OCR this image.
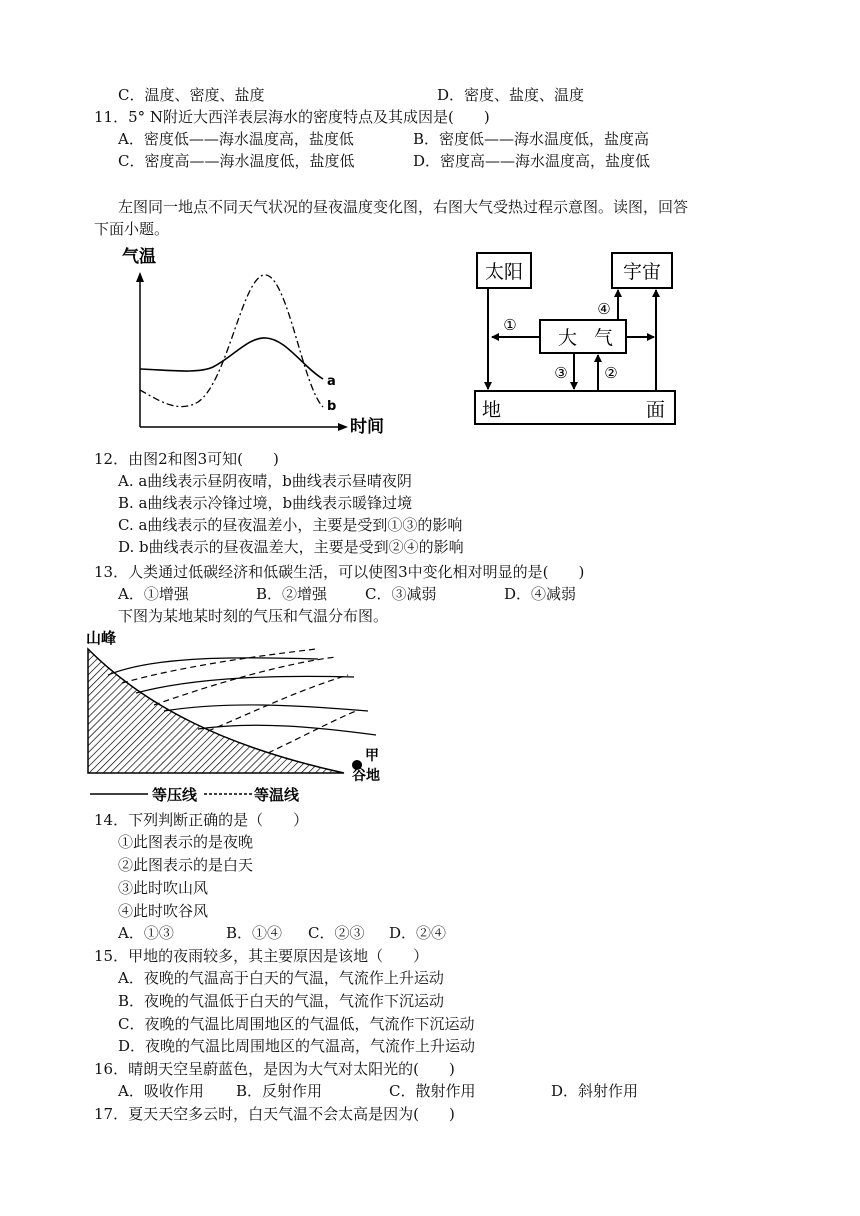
C．温度、密度、盐度	D．密度、盐度、温度
11．5° N附近大西洋表层海水的密度特点及其成因是(　　)
A．密度低——海水温度高，盐度低	B．密度低——海水温度低，盐度高
C．密度高——海水温度低，盐度低	D．密度高——海水温度高，盐度低
左图同一地点不同天气状况的昼夜温度变化图，右图大气受热过程示意图。读图，回答
下面小题。
气温
时间
a
b
太阳	宇宙
大 气
地	面
①
②
③
④
12．由图2和图3可知(　　)
A. a曲线表示昼阴夜晴，b曲线表示昼晴夜阴
B. a曲线表示冷锋过境，b曲线表示暖锋过境
C. a曲线表示的昼夜温差小，主要是受到①③的影响
D. b曲线表示的昼夜温差大，主要是受到②④的影响
13．人类通过低碳经济和低碳生活，可以使图3中变化相对明显的是(　　)
A．①增强	B．②增强	C．③减弱	D．④减弱
下图为某地某时刻的气压和气温分布图。
山峰
甲
谷地
等压线	等温线
14．下列判断正确的是（　　）
①此图表示的是夜晚
②此图表示的是白天
③此时吹山风
④此时吹谷风
A．①③	B．①④ C．②③ D．②④
15．甲地的夜雨较多，其主要原因是该地（　　）
A．夜晚的气温高于白天的气温，气流作上升运动
B．夜晚的气温低于白天的气温，气流作下沉运动
C．夜晚的气温比周围地区的气温低，气流作下沉运动
D．夜晚的气温比周围地区的气温高，气流作上升运动
16．晴朗天空呈蔚蓝色，是因为大气对太阳光的(　　)
A．吸收作用 B．反射作用	C．散射作用	D．斜射作用
17．夏天天空多云时，白天气温不会太高是因为(　　)
